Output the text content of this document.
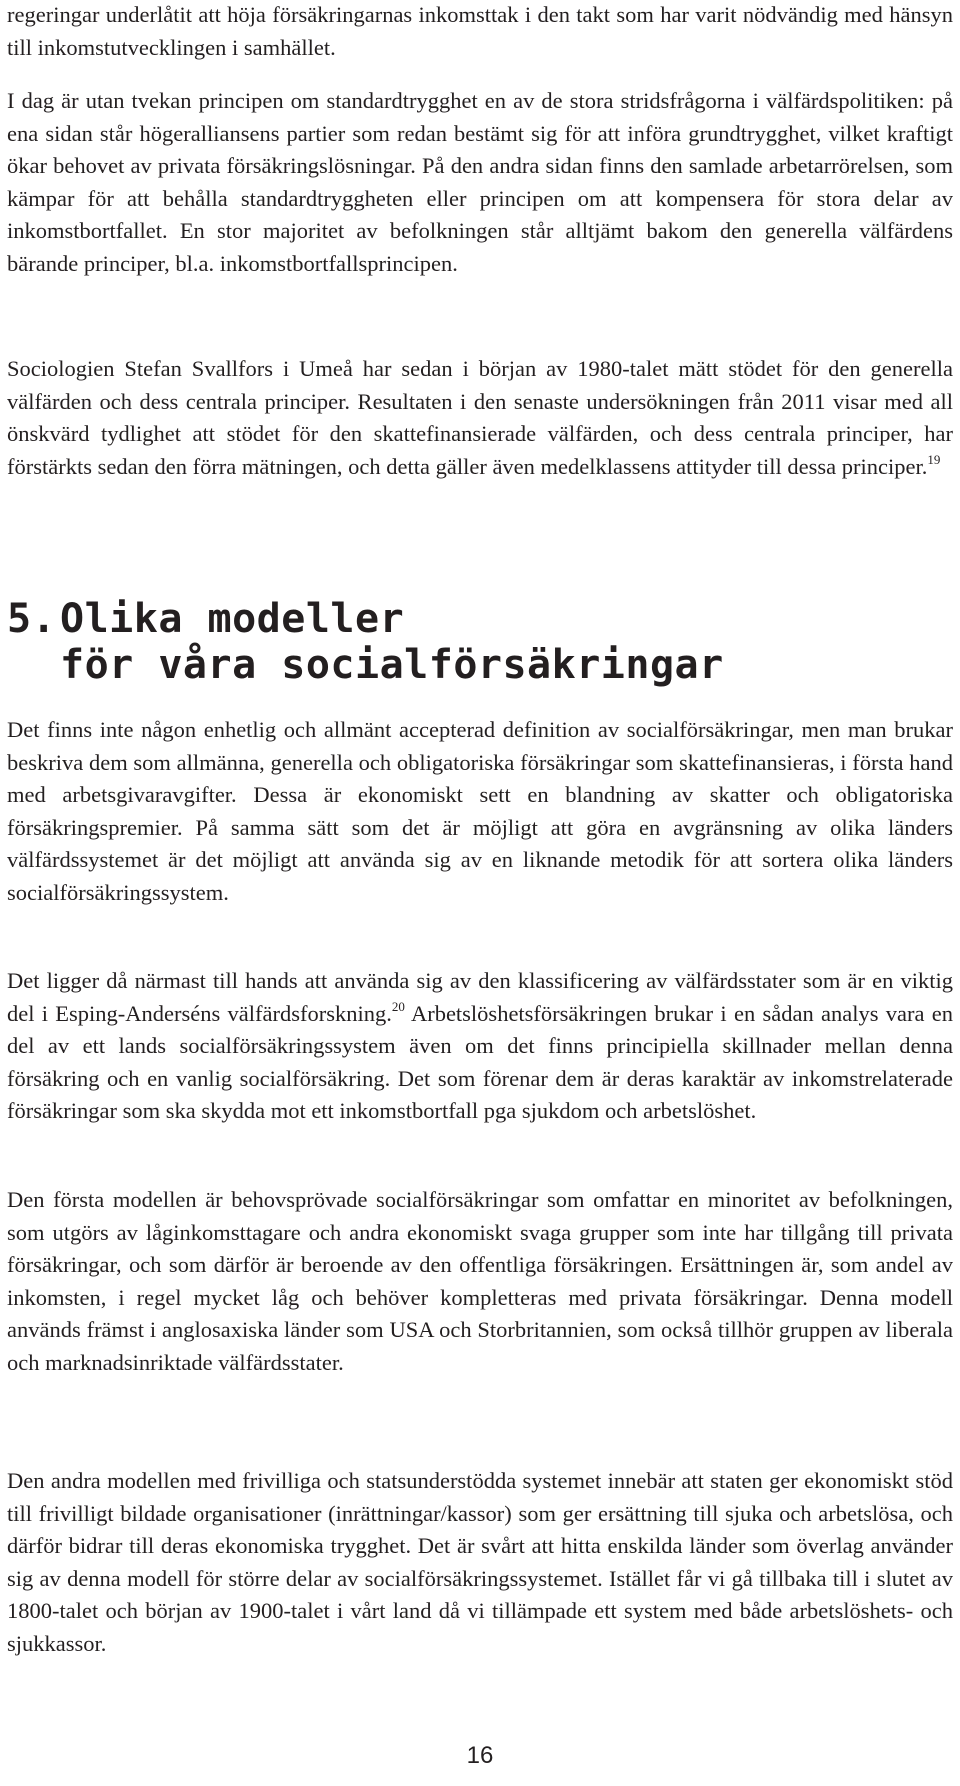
regeringar underlåtit att höja försäkringarnas inkomsttak i den takt som har varit nödvändig med hänsyn till inkomstutvecklingen i samhället.

I dag är utan tvekan principen om standardtrygghet en av de stora stridsfrågorna i välfärdspolitiken: på ena sidan står högeralliansens partier som redan bestämt sig för att införa grundtrygghet, vilket kraftigt ökar behovet av privata försäkringslösningar. På den andra sidan finns den samlade arbetarrörelsen, som kämpar för att behålla standardtryggheten eller principen om att kompensera för stora delar av inkomstbortfallet. En stor majoritet av befolkningen står alltjämt bakom den generella välfärdens bärande principer, bl.a. inkomstbortfallsprincipen.

Sociologien Stefan Svallfors i Umeå har sedan i början av 1980-talet mätt stödet för den generella välfärden och dess centrala principer. Resultaten i den senaste undersökningen från 2011 visar med all önskvärd tydlighet att stödet för den skattefinansierade välfärden, och dess centrala principer, har förstärkts sedan den förra mätningen, och detta gäller även medelklassens attityder till dessa principer.$^{19}$

5.Olika modeller
för våra socialförsäkringar

Det finns inte någon enhetlig och allmänt accepterad definition av socialförsäkringar, men man brukar beskriva dem som allmänna, generella och obligatoriska försäkringar som skattefinansieras, i första hand med arbetsgivaravgifter. Dessa är ekonomiskt sett en blandning av skatter och obligatoriska försäkringspremier. På samma sätt som det är möjligt att göra en avgränsning av olika länders välfärdssystemet är det möjligt att använda sig av en liknande metodik för att sortera olika länders socialförsäkringssystem.

Det ligger då närmast till hands att använda sig av den klassificering av välfärdsstater som är en viktig del i Esping-Anderséns välfärdsforskning.$^{20}$ Arbetslöshetsförsäkringen brukar i en sådan analys vara en del av ett lands socialförsäkringssystem även om det finns principiella skillnader mellan denna försäkring och en vanlig socialförsäkring. Det som förenar dem är deras karaktär av inkomstrelaterade försäkringar som ska skydda mot ett inkomstbortfall pga sjukdom och arbetslöshet.

Den första modellen är behovsprövade socialförsäkringar som omfattar en minoritet av befolkningen, som utgörs av låginkomsttagare och andra ekonomiskt svaga grupper som inte har tillgång till privata försäkringar, och som därför är beroende av den offentliga försäkringen. Ersättningen är, som andel av inkomsten, i regel mycket låg och behöver kompletteras med privata försäkringar. Denna modell används främst i anglosaxiska länder som USA och Storbritannien, som också tillhör gruppen av liberala och marknadsinriktade välfärdsstater.

Den andra modellen med frivilliga och statsunderstödda systemet innebär att staten ger ekonomiskt stöd till frivilligt bildade organisationer (inrättningar/kassor) som ger ersättning till sjuka och arbetslösa, och därför bidrar till deras ekonomiska trygghet. Det är svårt att hitta enskilda länder som överlag använder sig av denna modell för större delar av socialförsäkringssystemet. Istället får vi gå tillbaka till i slutet av 1800-talet och början av 1900-talet i vårt land då vi tillämpade ett system med både arbetslöshets- och sjukkassor.

16
